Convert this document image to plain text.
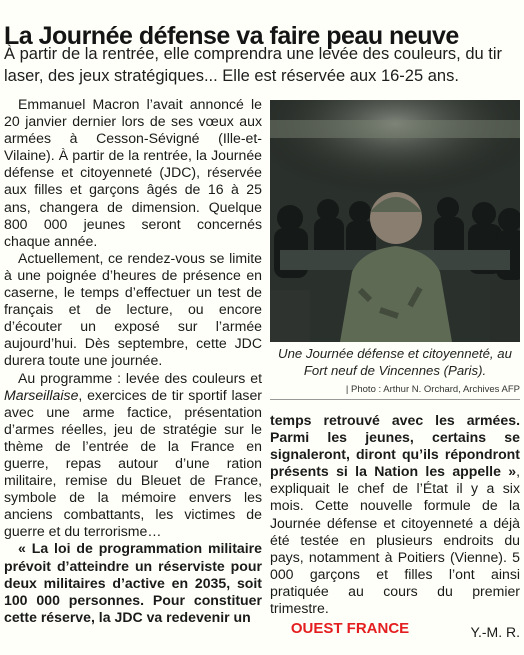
La Journée défense va faire peau neuve
À partir de la rentrée, elle comprendra une levée des couleurs, du tir laser, des jeux stratégiques... Elle est réservée aux 16-25 ans.

Emmanuel Macron l’avait annoncé le 20 janvier dernier lors de ses vœux aux armées à Cesson-Sévigné (Ille-et-Vilaine). À partir de la rentrée, la Journée défense et citoyenneté (JDC), réservée aux filles et garçons âgés de 16 à 25 ans, changera de dimension. Quelque 800 000 jeunes seront concernés chaque année.

Actuellement, ce rendez-vous se limite à une poignée d’heures de présence en caserne, le temps d’effectuer un test de français et de lecture, ou encore d’écouter un exposé sur l’armée aujourd’hui. Dès septembre, cette JDC durera toute une journée.

Au programme : levée des couleurs et Marseillaise, exercices de tir sportif laser avec une arme factice, présentation d’armes réelles, jeu de stratégie sur le thème de l’entrée de la France en guerre, repas autour d’une ration militaire, remise du Bleuet de France, symbole de la mémoire envers les anciens combattants, les victimes de guerre et du terrorisme…

« La loi de programmation militaire prévoit d’atteindre un réserviste pour deux militaires d’active en 2035, soit 100 000 personnes. Pour constituer cette réserve, la JDC va redevenir un

Une Journée défense et citoyenneté, au Fort neuf de Vincennes (Paris).
| Photo : Arthur N. Orchard, Archives AFP

temps retrouvé avec les armées. Parmi les jeunes, certains se signaleront, diront qu’ils répondront présents si la Nation les appelle », expliquait le chef de l’État il y a six mois. Cette nouvelle formule de la Journée défense et citoyenneté a déjà été testée en plusieurs endroits du pays, notamment à Poitiers (Vienne). 5 000 garçons et filles l’ont ainsi pratiquée au cours du premier trimestre.

OUEST FRANCE	Y.-M. R.
